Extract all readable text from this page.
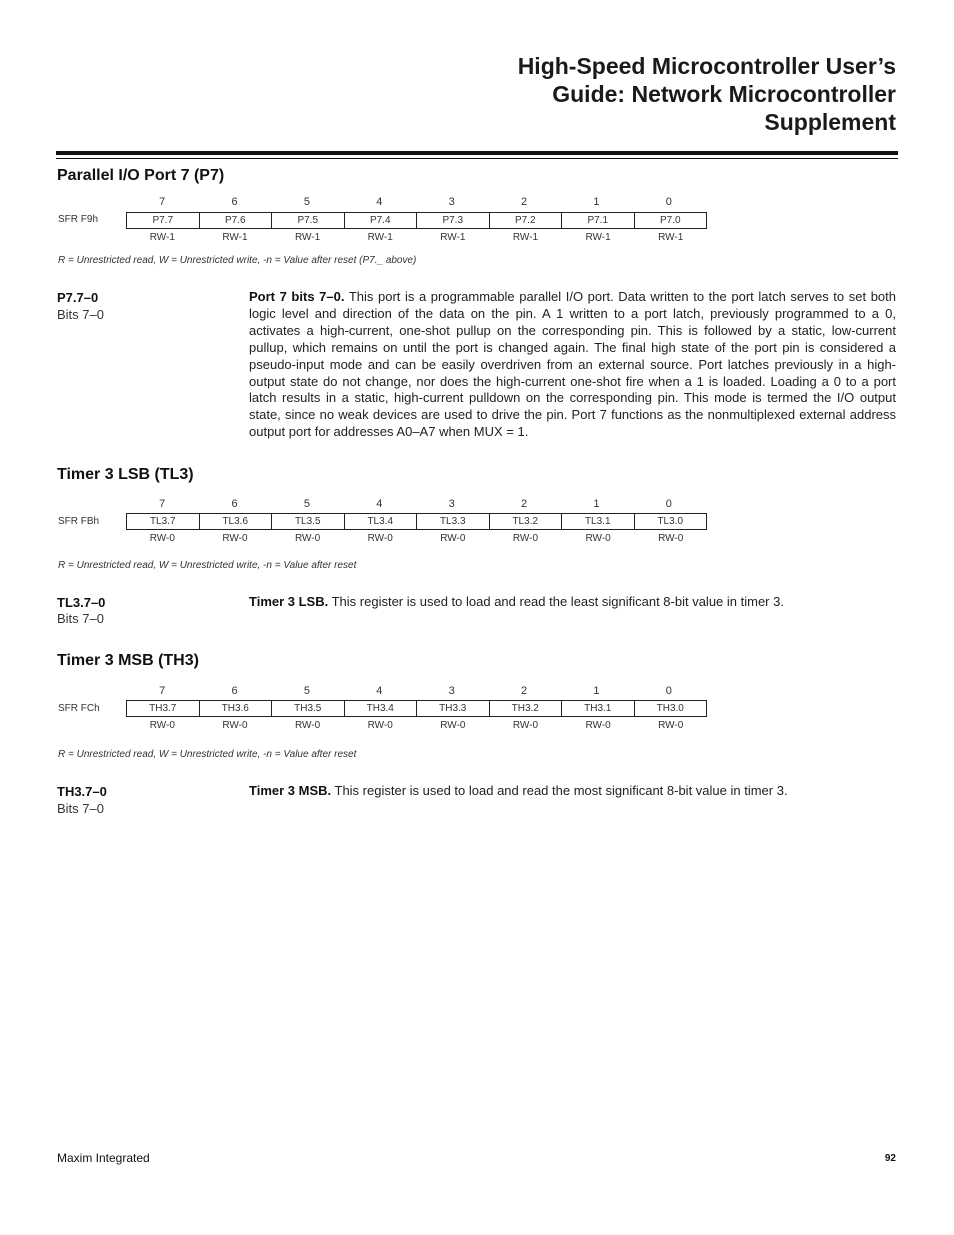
High-Speed Microcontroller User’s
Guide: Network Microcontroller
Supplement
Parallel I/O Port 7 (P7)
7	6	5	4	3	2	1	0
SFR F9h	P7.7	P7.6	P7.5	P7.4	P7.3	P7.2	P7.1	P7.0
RW-1	RW-1	RW-1	RW-1	RW-1	RW-1	RW-1	RW-1
R = Unrestricted read, W = Unrestricted write, -n = Value after reset (P7._ above)
P7.7–0
Bits 7–0
Port 7 bits 7–0. This port is a programmable parallel I/O port. Data written to the port latch serves to set both logic level and direction of the data on the pin. A 1 written to a port latch, previously programmed to a 0, activates a high-current, one-shot pullup on the corresponding pin. This is followed by a static, low-current pullup, which remains on until the port is changed again. The final high state of the port pin is considered a pseudo-input mode and can be easily overdriven from an external source. Port latches previously in a high-output state do not change, nor does the high-current one-shot fire when a 1 is loaded. Loading a 0 to a port latch results in a static, high-current pulldown on the corresponding pin. This mode is termed the I/O output state, since no weak devices are used to drive the pin. Port 7 functions as the nonmultiplexed external address output port for addresses A0–A7 when MUX = 1.
Timer 3 LSB (TL3)
7	6	5	4	3	2	1	0
SFR FBh	TL3.7	TL3.6	TL3.5	TL3.4	TL3.3	TL3.2	TL3.1	TL3.0
RW-0	RW-0	RW-0	RW-0	RW-0	RW-0	RW-0	RW-0
R = Unrestricted read, W = Unrestricted write, -n = Value after reset
TL3.7–0
Bits 7–0
Timer 3 LSB. This register is used to load and read the least significant 8-bit value in timer 3.
Timer 3 MSB (TH3)
7	6	5	4	3	2	1	0
SFR FCh	TH3.7	TH3.6	TH3.5	TH3.4	TH3.3	TH3.2	TH3.1	TH3.0
RW-0	RW-0	RW-0	RW-0	RW-0	RW-0	RW-0	RW-0
R = Unrestricted read, W = Unrestricted write, -n = Value after reset
TH3.7–0
Bits 7–0
Timer 3 MSB. This register is used to load and read the most significant 8-bit value in timer 3.
Maxim Integrated	92
